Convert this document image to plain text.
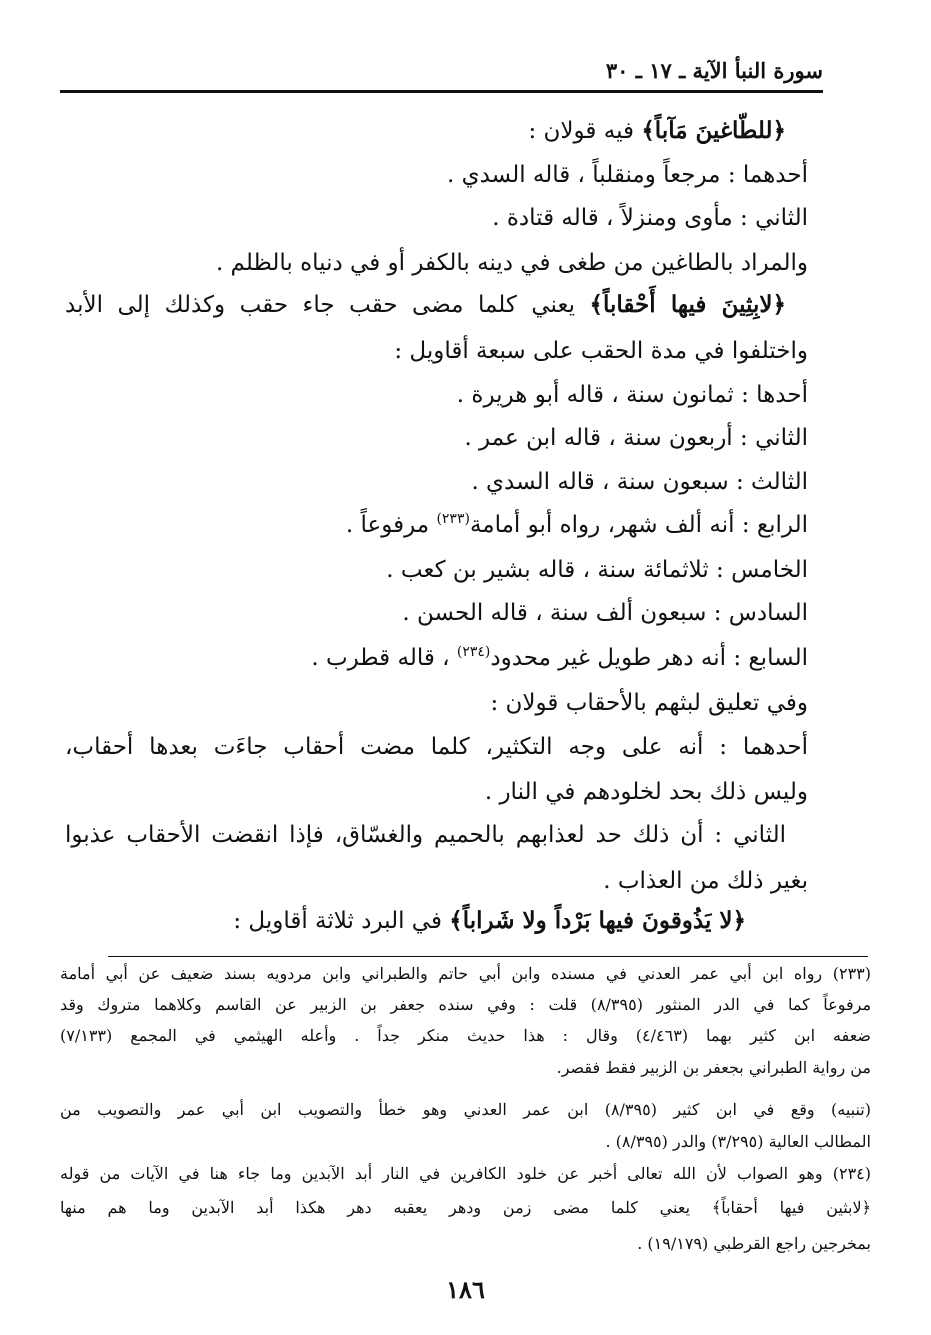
سورة النبأ الآية ـ ١٧ ـ ٣٠
﴿للطّاغينَ مَآباً﴾ فيه قولان :
أحدهما : مرجعاً ومنقلباً ، قاله السدي .
الثاني : مأوى ومنزلاً ، قاله قتادة .
والمراد بالطاغين من طغى في دينه بالكفر أو في دنياه بالظلم .
﴿لابِثِينَ فيها أَحْقاباً﴾ يعني كلما مضى حقب جاء حقب وكذلك إلى الأبد
واختلفوا في مدة الحقب على سبعة أقاويل :
أحدها : ثمانون سنة ، قاله أبو هريرة .
الثاني : أربعون سنة ، قاله ابن عمر .
الثالث : سبعون سنة ، قاله السدي .
الرابع : أنه ألف شهر، رواه أبو أمامة$^{(٢٣٣)}$ مرفوعاً .
الخامس : ثلاثمائة سنة ، قاله بشير بن كعب .
السادس : سبعون ألف سنة ، قاله الحسن .
السابع : أنه دهر طويل غير محدود$^{(٢٣٤)}$ ، قاله قطرب .
وفي تعليق لبثهم بالأحقاب قولان :
أحدهما : أنه على وجه التكثير، كلما مضت أحقاب جاءَت بعدها أحقاب،
وليس ذلك بحد لخلودهم في النار .
الثاني : أن ذلك حد لعذابهم بالحميم والغسّاق، فإذا انقضت الأحقاب عذبوا
بغير ذلك من العذاب .
﴿لا يَذُوقونَ فيها بَرْداً ولا شَراباً﴾ في البرد ثلاثة أقاويل :
(٢٣٣) رواه ابن أبي عمر العدني في مسنده وابن أبي حاتم والطبراني وابن مردويه بسند ضعيف عن أبي أمامة
مرفوعاً كما في الدر المنثور (٨/٣٩٥) قلت : وفي سنده جعفر بن الزبير عن القاسم وكلاهما متروك وقد
ضعفه ابن كثير بهما (٤/٤٦٣) وقال : هذا حديث منكر جداً . وأعله الهيثمي في المجمع (٧/١٣٣)
من رواية الطبراني بجعفر بن الزبير فقط فقصر.
(تنبيه) وقع في ابن كثير (٨/٣٩٥) ابن عمر العدني وهو خطأ والتصويب ابن أبي عمر والتصويب من
المطالب العالية (٣/٢٩٥) والدر (٨/٣٩٥) .
(٢٣٤) وهو الصواب لأن الله تعالى أخبر عن خلود الكافرين في النار أبد الآبدين وما جاء هنا في الآيات من قوله
﴿لابثين فيها أحقاباً﴾ يعني كلما مضى زمن ودهر يعقبه دهر هكذا أبد الآبدين وما هم منها
بمخرجين راجع القرطبي (١٩/١٧٩) .
١٨٦
